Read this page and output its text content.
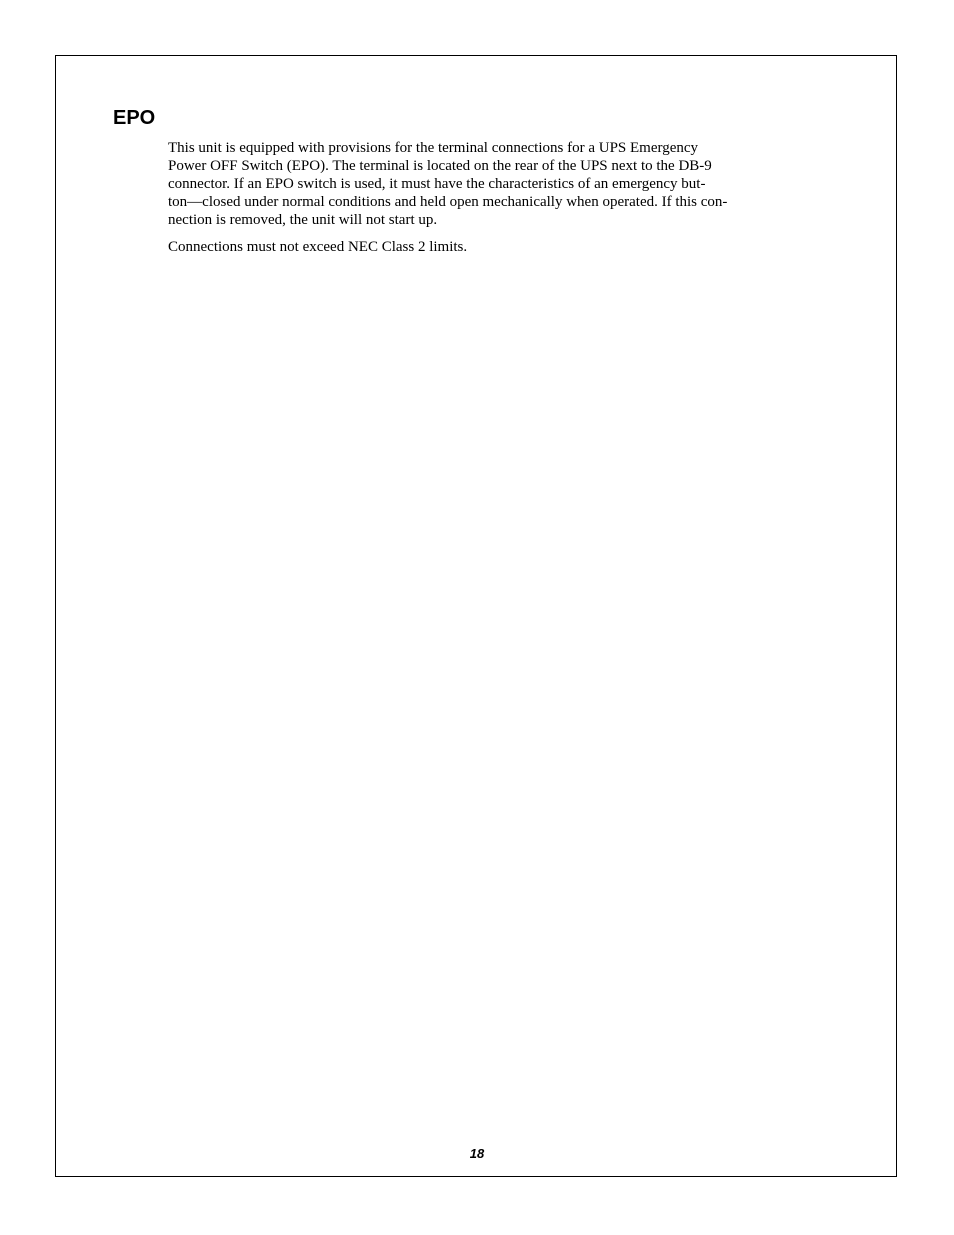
EPO

This unit is equipped with provisions for the terminal connections for a UPS Emergency
Power OFF Switch (EPO). The terminal is located on the rear of the UPS next to the DB-9
connector. If an EPO switch is used, it must have the characteristics of an emergency but-
ton—closed under normal conditions and held open mechanically when operated. If this con-
nection is removed, the unit will not start up.

Connections must not exceed NEC Class 2 limits.

18
